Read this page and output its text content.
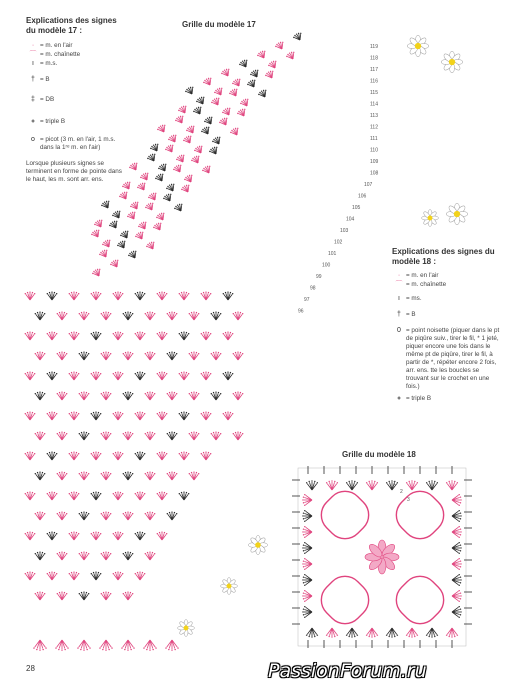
Explications des signes du modèle 17 :
· = m. en l'air
⌒ = m. chaînette
ı = m.s.
† = B
‡ = DB
⧧ = triple B
o = picot (3 m. en l'air, 1 m.s. dans la 1ʳᵉ m. en l'air)
Lorsque plusieurs signes se terminent en forme de pointe dans le haut, les m. sont arr. ens.
Grille du modèle 17
Explications des signes du modèle 18 :
· = m. en l'air
⌒ = m. chaînette
ı = ms.
† = B
0 = point noisette (piquer dans le pt de piqûre suiv., tirer le fil, * 1 jeté, piquer encore une fois dans le même pt de piqûre, tirer le fil, à partir de *, répéter encore 2 fois, arr. ens. tte les boucles se trouvant sur le crochet en une fois.)
⧧ = triple B
Grille du modèle 18
119
118
117
116
115
114
113
112
111
110
109
108
107
106
105
104
103
102
101
100
99
98
97
96
1
2
3
28	PassionForum.ru
